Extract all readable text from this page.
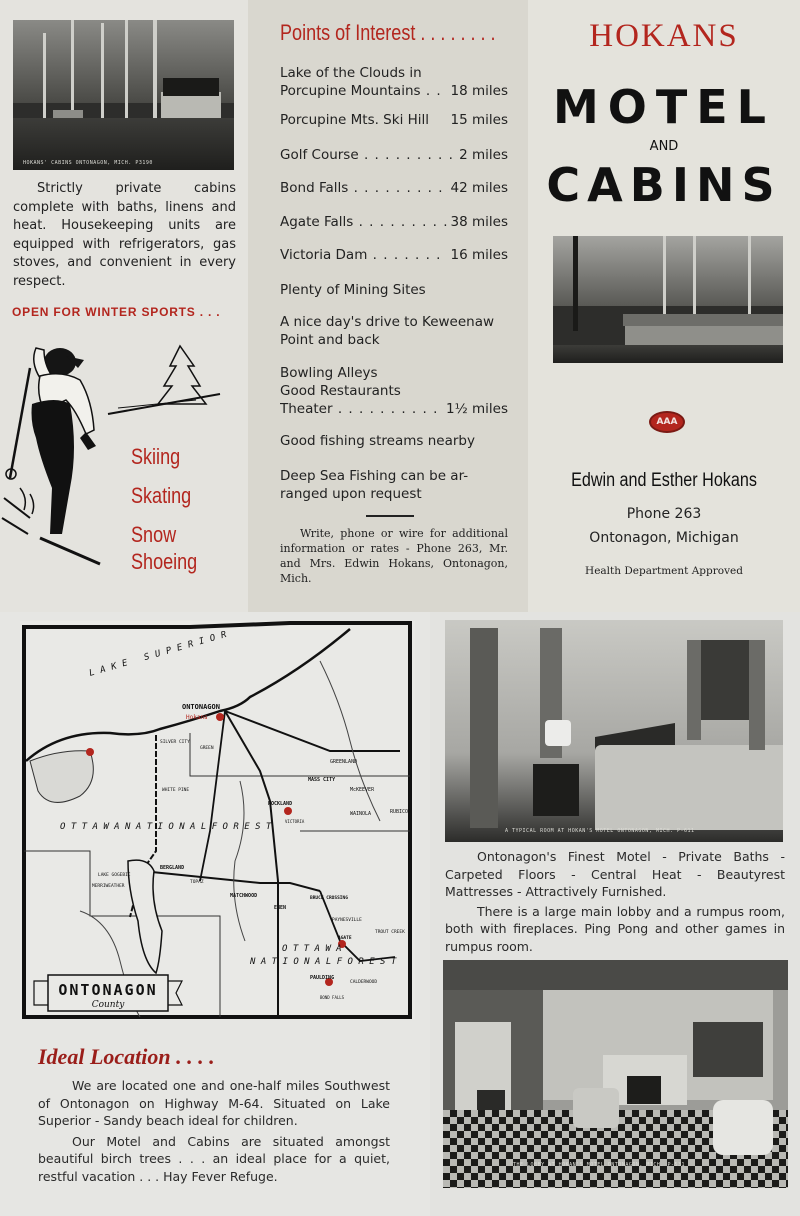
HOKANS' CABINS ONTONAGON, MICH. P3190
Strictly private cabins complete with baths, linens and heat. Housekeeping units are equipped with refrigerators, gas stoves, and convenient in every respect.
OPEN FOR WINTER SPORTS . . .
Skiing
Skating
Snow
Shoeing
Points of Interest . . . . . . . .
Lake of the Clouds in
Porcupine Mountains . . .	18 miles
Porcupine Mts. Ski Hill 15 miles
Golf Course . . .	2 miles
Bond Falls . . .	42 miles
Agate Falls . . .	38 miles
Victoria Dam . . .	16 miles
Plenty of Mining Sites
A nice day's drive to Keweenaw
Point and back
Bowling Alleys
Good Restaurants
Theater . . .	1½ miles
Good fishing streams nearby
Deep Sea Fishing can be ar-
ranged upon request
Write, phone or wire for additional information or rates - Phone 263, Mr. and Mrs. Edwin Hokans, Ontonagon, Mich.
HOKANS
MOTEL
AND
CABINS
AAA
Edwin and Esther Hokans
Phone 263
Ontonagon, Michigan
Health Department Approved
LAKE SUPERIOR
ONTONAGON
Hokans
ROCKLAND
VICTORIA
MASS CITY
GREENLAND
McKEEVER
WAINOLA	RUBICON
WHITE PINE
SILVER CITY
GREEN
BERGLAND
LAKE GOGEBIC
MERRIWEATHER
TOPAZ
MATCHWOOD
EWEN
BRUCE CROSSING
PAYNESVILLE
AGATE
TROUT CREEK
PAULDING
CALDERWOOD
BOND FALLS
O T T A W A N A T I O N A L F O R E S T
O T T A W A
N A T I O N A L F O R E S T
ONTONAGON
County
Ideal Location . . . .

We are located one and one-half miles Southwest of Ontonagon on Highway M-64. Situated on Lake Superior - Sandy beach ideal for children.

Our Motel and Cabins are situated amongst beautiful birch trees . . . an ideal place for a quiet, restful vacation . . . Hay Fever Refuge.

A TYPICAL ROOM AT HOKAN'S MOTEL ONTONAGON, MICH. P-611

Ontonagon's Finest Motel - Private Baths - Carpeted Floors - Central Heat - Beautyrest Mattresses - Attractively Furnished.

There is a large main lobby and a rumpus room, both with fireplaces. Ping Pong and other games in rumpus room.

THE LOBBY AT HOKAN'S MOTEL ONTONAGON, MICH. P-531
